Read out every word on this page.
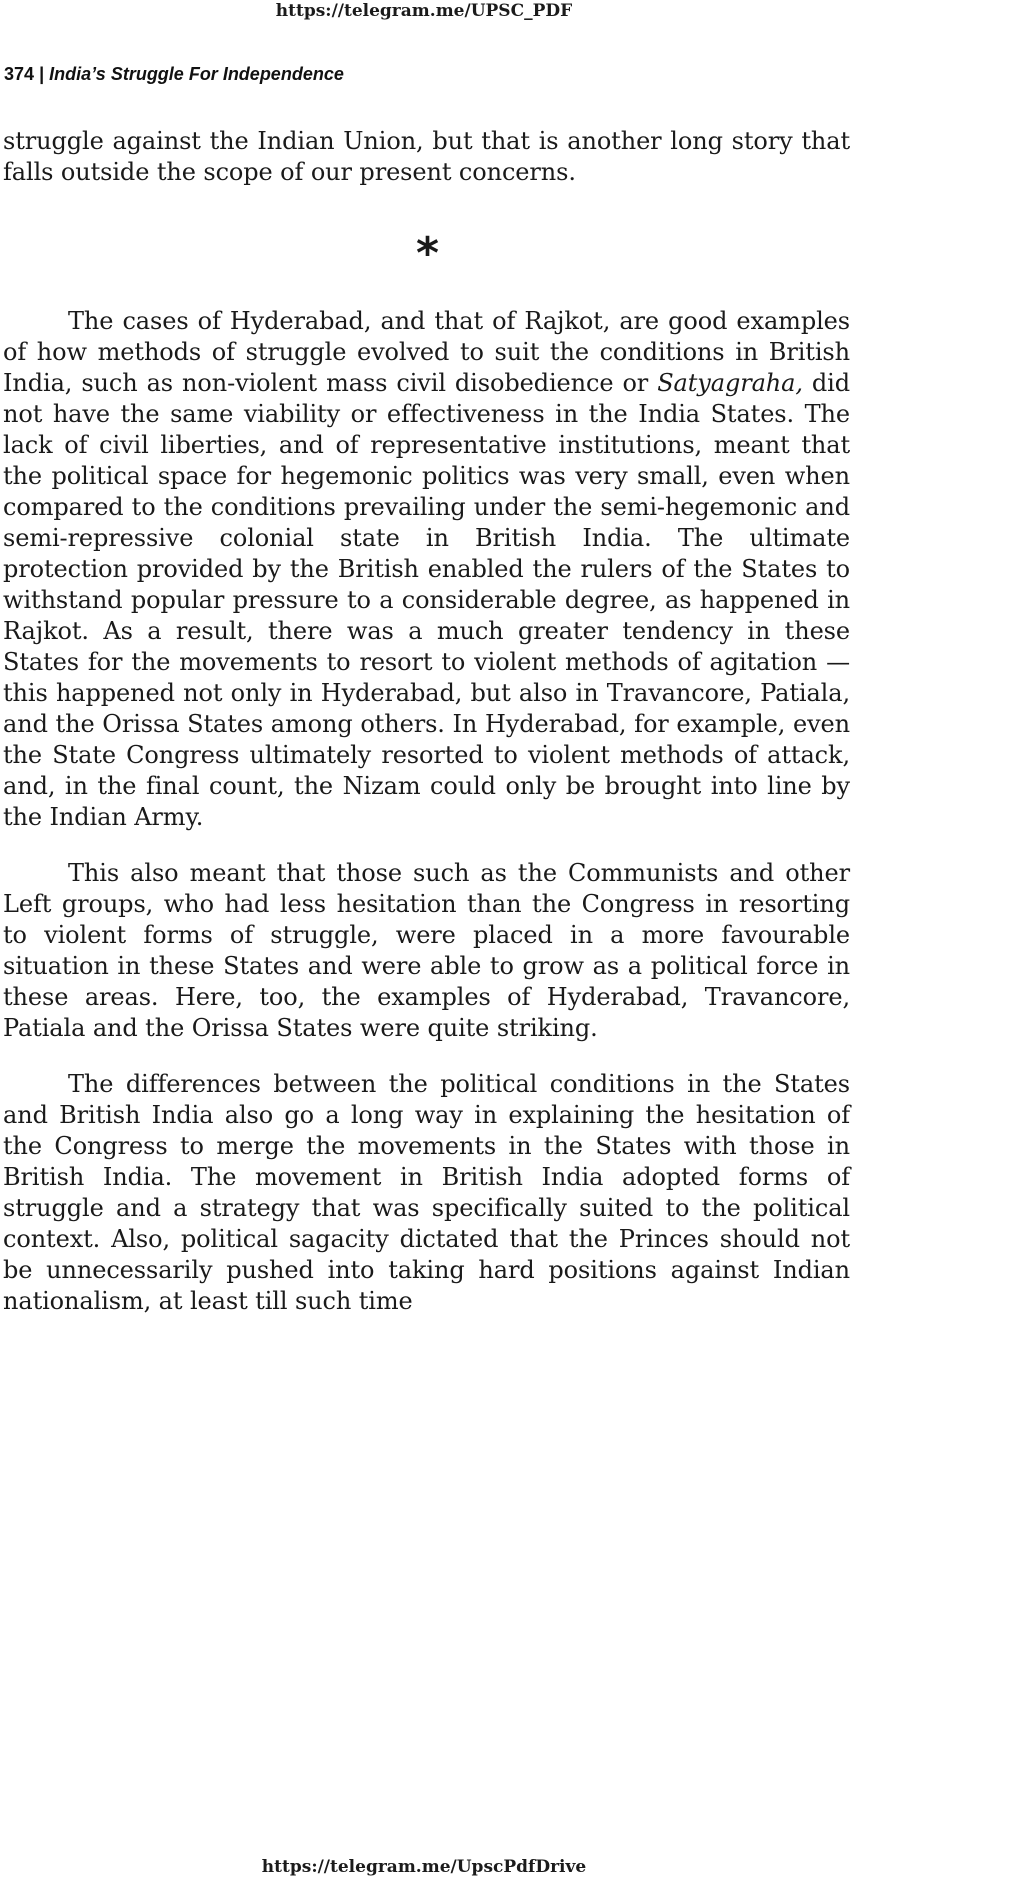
https://telegram.me/UPSC_PDF
374 | India’s Struggle For Independence

struggle against the Indian Union, but that is another long story that falls outside the scope of our present concerns.

*

The cases of Hyderabad, and that of Rajkot, are good examples of how methods of struggle evolved to suit the conditions in British India, such as non-violent mass civil disobedience or Satyagraha, did not have the same viability or effectiveness in the India States. The lack of civil liberties, and of representative institutions, meant that the political space for hegemonic politics was very small, even when compared to the conditions prevailing under the semi-hegemonic and semi-repressive colonial state in British India. The ultimate protection provided by the British enabled the rulers of the States to withstand popular pressure to a considerable degree, as happened in Rajkot. As a result, there was a much greater tendency in these States for the movements to resort to violent methods of agitation — this happened not only in Hyderabad, but also in Travancore, Patiala, and the Orissa States among others. In Hyderabad, for example, even the State Congress ultimately resorted to violent methods of attack, and, in the final count, the Nizam could only be brought into line by the Indian Army.

This also meant that those such as the Communists and other Left groups, who had less hesitation than the Congress in resorting to violent forms of struggle, were placed in a more favourable situation in these States and were able to grow as a political force in these areas. Here, too, the examples of Hyderabad, Travancore, Patiala and the Orissa States were quite striking.

The differences between the political conditions in the States and British India also go a long way in explaining the hesitation of the Congress to merge the movements in the States with those in British India. The movement in British India adopted forms of struggle and a strategy that was specifically suited to the political context. Also, political sagacity dictated that the Princes should not be unnecessarily pushed into taking hard positions against Indian nationalism, at least till such time

https://telegram.me/UpscPdfDrive
